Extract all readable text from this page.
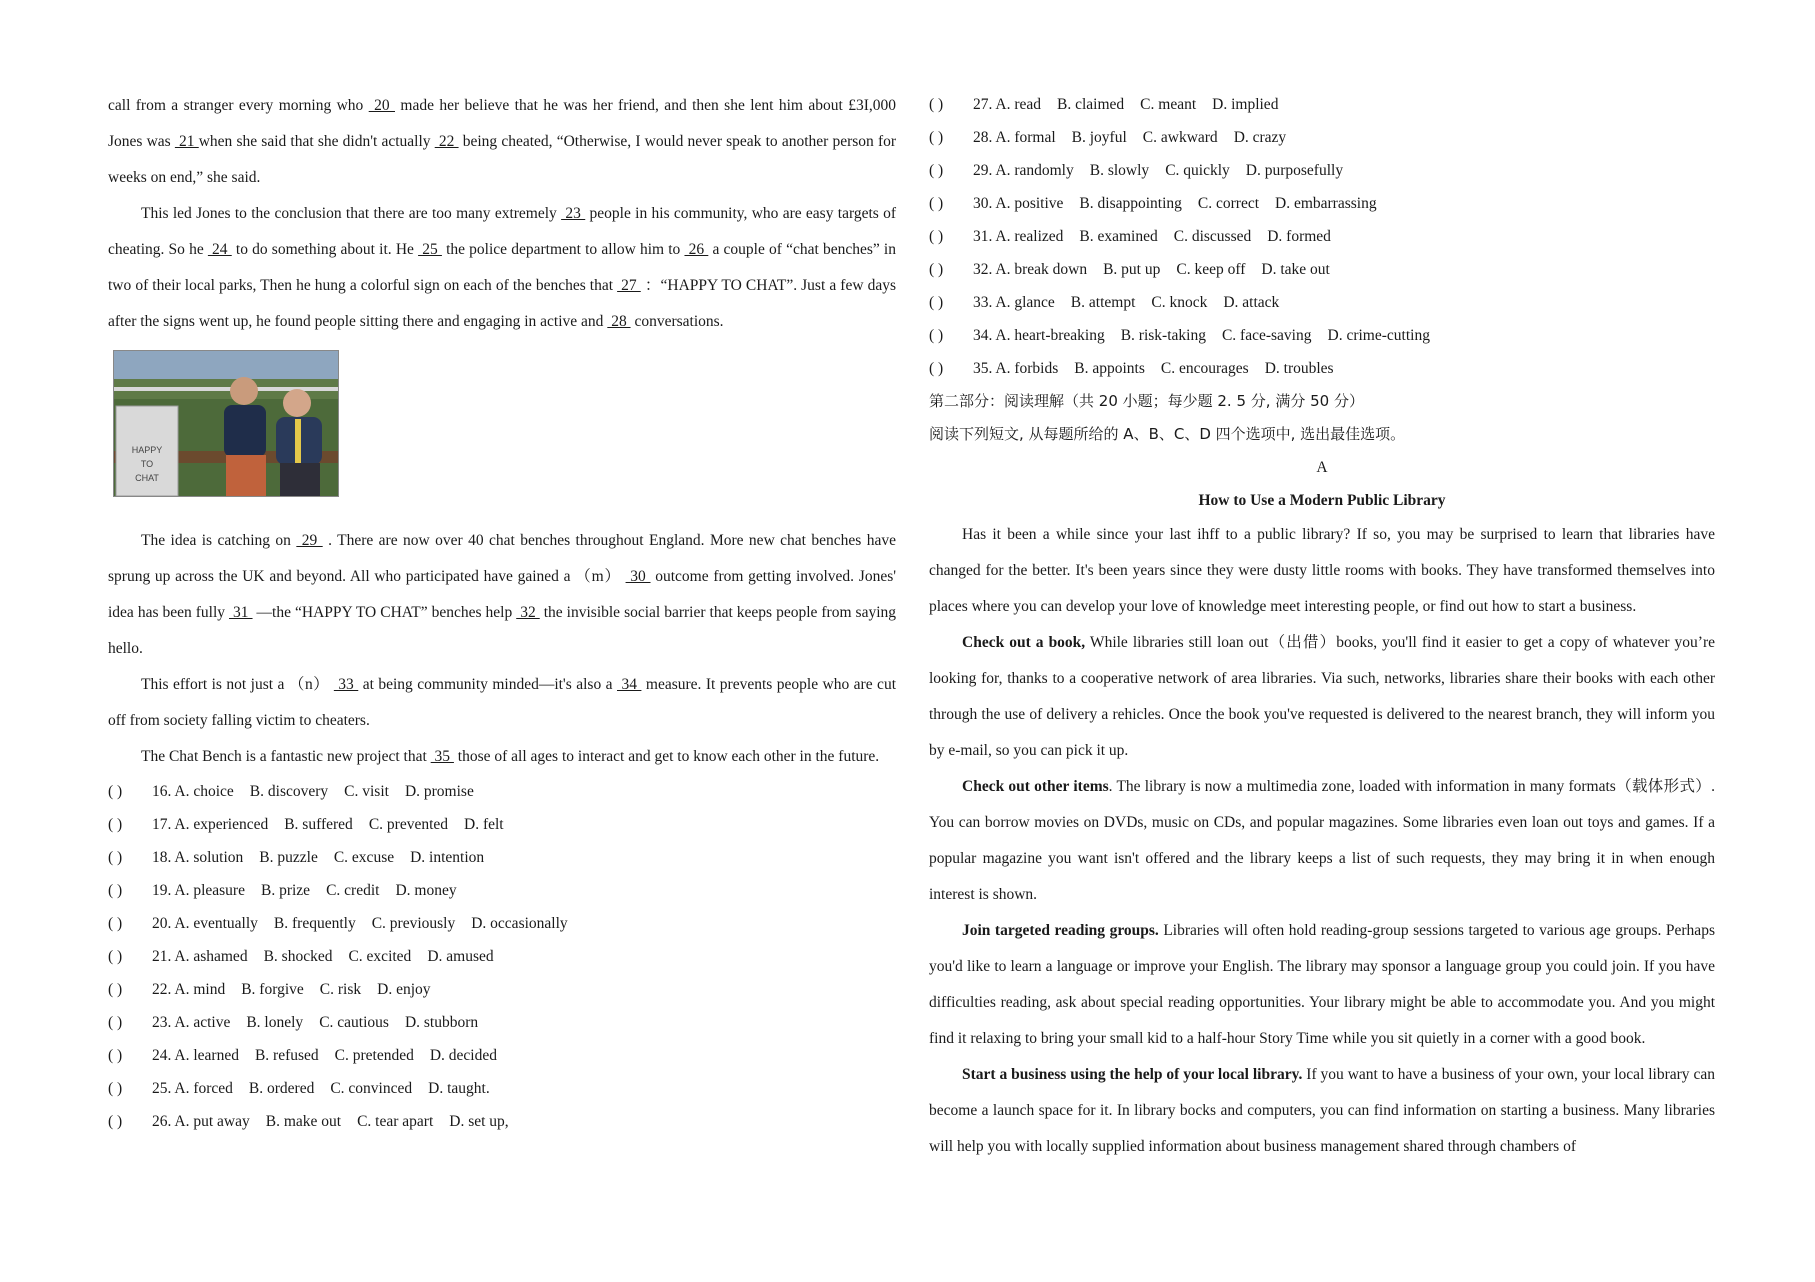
call from a stranger every morning who  20  made her believe that he was her friend, and then she lent him about £3I,000 Jones was  21 when she said that she didn't actually  22  being cheated, “Otherwise, I would never speak to another person for weeks on end,” she said.

This led Jones to the conclusion that there are too many extremely  23  people in his community, who are easy targets of cheating. So he  24  to do something about it. He  25  the police department to allow him to  26  a couple of “chat benches” in two of their local parks, Then he hung a colorful sign on each of the benches that  27  ：“HAPPY TO CHAT”. Just a few days after the signs went up, he found people sitting there and engaging in active and  28  conversations.

HAPPY
TO
CHAT

The idea is catching on  29  . There are now over 40 chat benches throughout England. More new chat benches have sprung up across the UK and beyond. All who participated have gained a （m）  30  outcome from getting involved. Jones' idea has been fully  31  —the “HAPPY TO CHAT” benches help  32  the invisible social barrier that keeps people from saying hello.

This effort is not just a （n）  33  at being community minded—it's also a  34  measure. It prevents people who are cut off from society falling victim to cheaters.

The Chat Bench is a fantastic new project that  35  those of all ages to interact and get to know each other in the future.

( ) 16. A. choice B. discovery C. visit D. promise
( ) 17. A. experienced B. suffered C. prevented D. felt
( ) 18. A. solution B. puzzle C. excuse D. intention
( ) 19. A. pleasure B. prize C. credit D. money
( ) 20. A. eventually B. frequently C. previously D. occasionally
( ) 21. A. ashamed B. shocked C. excited D. amused
( ) 22. A. mind B. forgive C. risk D. enjoy
( ) 23. A. active B. lonely C. cautious D. stubborn
( ) 24. A. learned B. refused C. pretended D. decided
( ) 25. A. forced B. ordered C. convinced D. taught.
( ) 26. A. put away B. make out C. tear apart D. set up,
( ) 27. A. read B. claimed C. meant D. implied
( ) 28. A. formal B. joyful C. awkward D. crazy
( ) 29. A. randomly B. slowly C. quickly D. purposefully
( ) 30. A. positive B. disappointing C. correct D. embarrassing
( ) 31. A. realized B. examined C. discussed D. formed
( ) 32. A. break down B. put up C. keep off D. take out
( ) 33. A. glance B. attempt C. knock D. attack
( ) 34. A. heart-breaking B. risk-taking C. face-saving D. crime-cutting
( ) 35. A. forbids B. appoints C. encourages D. troubles

第二部分：阅读理解（共 20 小题；每少题 2. 5 分, 满分 50 分）

阅读下列短文, 从每题所给的 A、B、C、D 四个选项中, 选出最佳选项。

A

How to Use a Modern Public Library

Has it been a while since your last ihff to a public library? If so, you may be surprised to learn that libraries have changed for the better. It's been years since they were dusty little rooms with books. They have transformed themselves into places where you can develop your love of knowledge meet interesting people, or find out how to start a business.

Check out a book, While libraries still loan out（出借）books, you'll find it easier to get a copy of whatever you’re looking for, thanks to a cooperative network of area libraries. Via such, networks, libraries share their books with each other through the use of delivery a rehicles. Once the book you've requested is delivered to the nearest branch, they will inform you by e-mail, so you can pick it up.

Check out other items. The library is now a multimedia zone, loaded with information in many formats（载体形式）. You can borrow movies on DVDs, music on CDs, and popular magazines. Some libraries even loan out toys and games. If a popular magazine you want isn't offered and the library keeps a list of such requests, they may bring it in when enough interest is shown.

Join targeted reading groups. Libraries will often hold reading-group sessions targeted to various age groups. Perhaps you'd like to learn a language or improve your English. The library may sponsor a language group you could join. If you have difficulties reading, ask about special reading opportunities. Your library might be able to accommodate you. And you might find it relaxing to bring your small kid to a half-hour Story Time while you sit quietly in a corner with a good book.

Start a business using the help of your local library. If you want to have a business of your own, your local library can become a launch space for it. In library bocks and computers, you can find information on starting a business. Many libraries will help you with locally supplied information about business management shared through chambers of
